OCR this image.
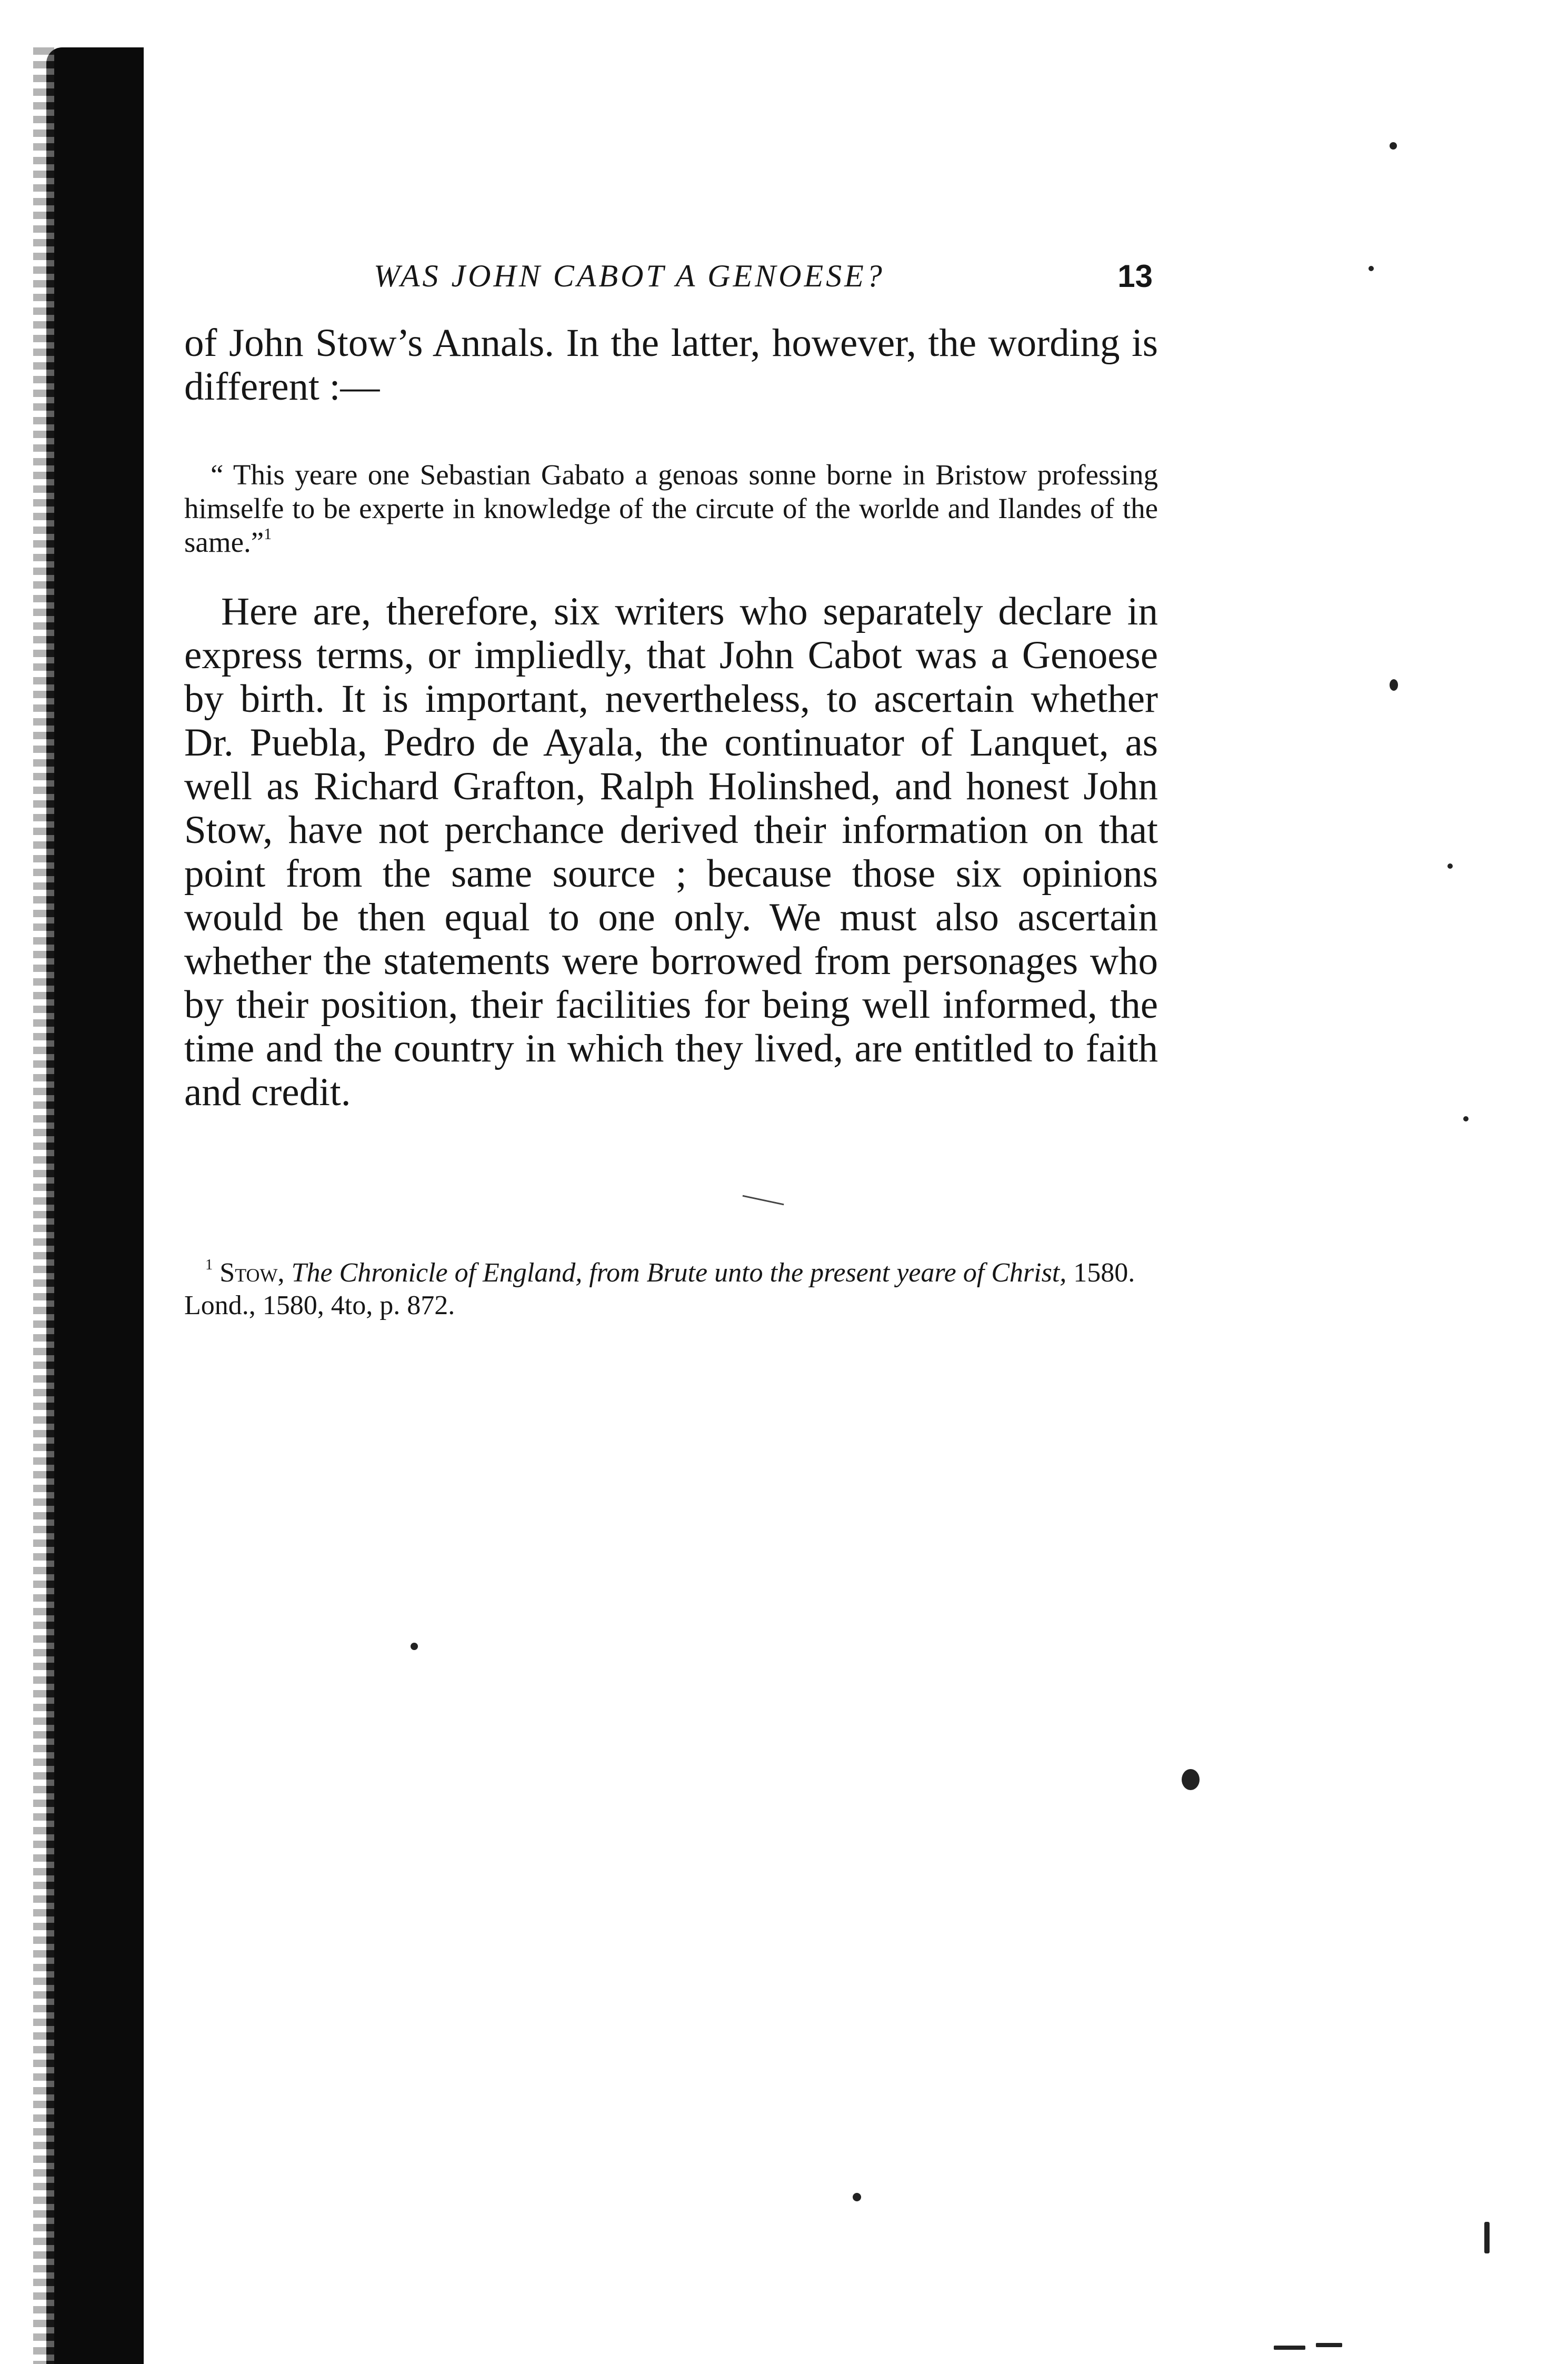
WAS JOHN CABOT A GENOESE?	13

of John Stow’s Annals. In the latter, however, the wording is different :—

“ This yeare one Sebastian Gabato a genoas sonne borne in Bristow professing himselfe to be experte in knowledge of the circute of the worlde and Ilandes of the same.”$^1$

Here are, therefore, six writers who separately declare in express terms, or impliedly, that John Cabot was a Genoese by birth. It is important, nevertheless, to ascertain whether Dr. Puebla, Pedro de Ayala, the continuator of Lanquet, as well as Richard Grafton, Ralph Holinshed, and honest John Stow, have not perchance derived their information on that point from the same source ; because those six opinions would be then equal to one only. We must also ascertain whether the statements were borrowed from personages who by their position, their facilities for being well informed, the time and the country in which they lived, are entitled to faith and credit.

$^1$ Stow, The Chronicle of England, from Brute unto the present yeare of Christ, 1580. Lond., 1580, 4to, p. 872.
